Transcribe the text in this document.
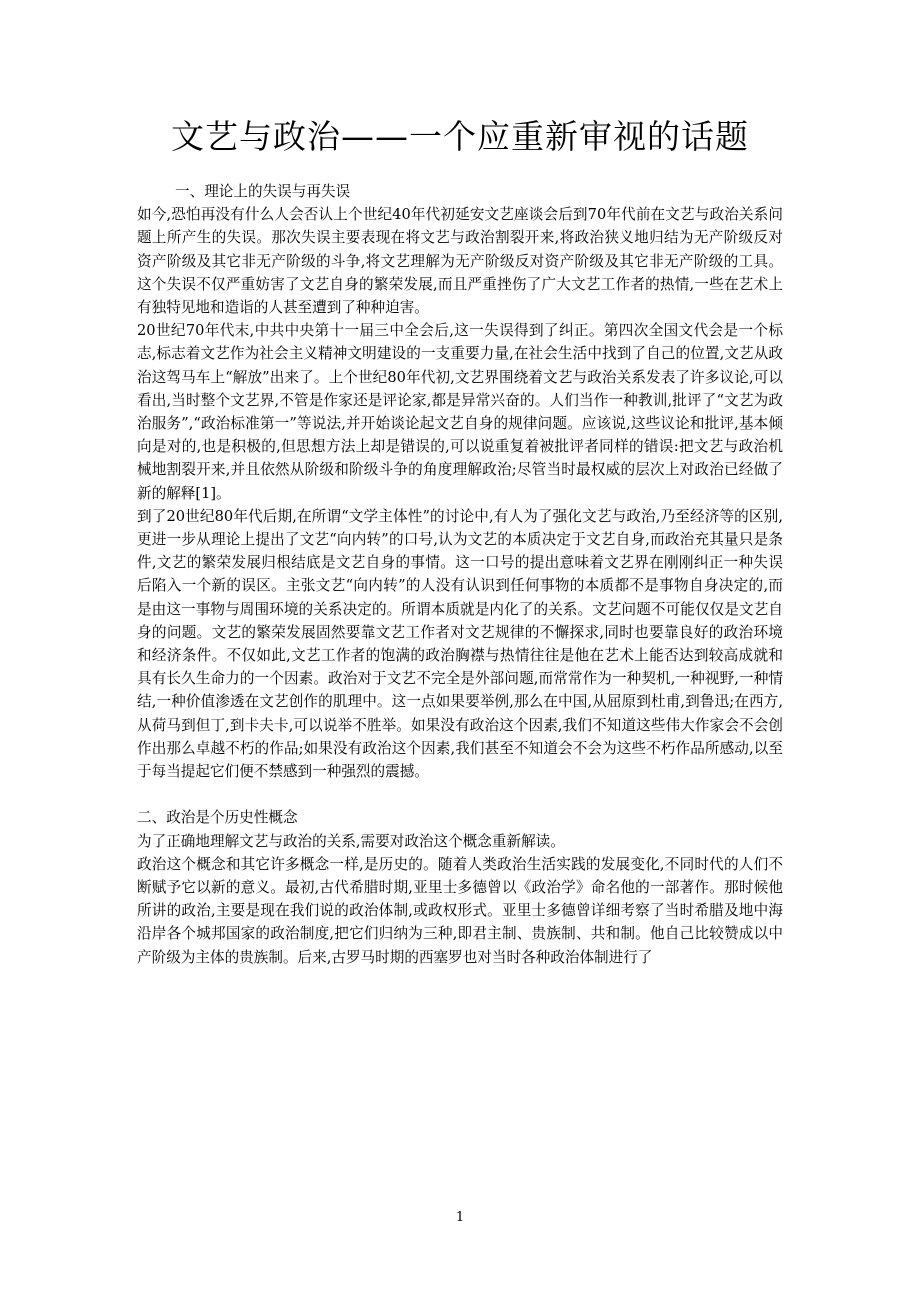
文艺与政治——一个应重新审视的话题

一、理论上的失误与再失误

如今,恐怕再没有什么人会否认上个世纪40年代初延安文艺座谈会后到70年代前在文艺与政治关系问题上所产生的失误。那次失误主要表现在将文艺与政治割裂开来,将政治狭义地归结为无产阶级反对资产阶级及其它非无产阶级的斗争,将文艺理解为无产阶级反对资产阶级及其它非无产阶级的工具。这个失误不仅严重妨害了文艺自身的繁荣发展,而且严重挫伤了广大文艺工作者的热情,一些在艺术上有独特见地和造诣的人甚至遭到了种种迫害。

20世纪70年代末,中共中央第十一届三中全会后,这一失误得到了纠正。第四次全国文代会是一个标志,标志着文艺作为社会主义精神文明建设的一支重要力量,在社会生活中找到了自己的位置,文艺从政治这驾马车上“解放”出来了。上个世纪80年代初,文艺界围绕着文艺与政治关系发表了许多议论,可以看出,当时整个文艺界,不管是作家还是评论家,都是异常兴奋的。人们当作一种教训,批评了“文艺为政治服务”,“政治标准第一”等说法,并开始谈论起文艺自身的规律问题。应该说,这些议论和批评,基本倾向是对的,也是积极的,但思想方法上却是错误的,可以说重复着被批评者同样的错误:把文艺与政治机械地割裂开来,并且依然从阶级和阶级斗争的角度理解政治;尽管当时最权威的层次上对政治已经做了新的解释[1]。

到了20世纪80年代后期,在所谓“文学主体性”的讨论中,有人为了强化文艺与政治,乃至经济等的区别,更进一步从理论上提出了文艺“向内转”的口号,认为文艺的本质决定于文艺自身,而政治充其量只是条件,文艺的繁荣发展归根结底是文艺自身的事情。这一口号的提出意味着文艺界在刚刚纠正一种失误后陷入一个新的误区。主张文艺“向内转”的人没有认识到任何事物的本质都不是事物自身决定的,而是由这一事物与周围环境的关系决定的。所谓本质就是内化了的关系。文艺问题不可能仅仅是文艺自身的问题。文艺的繁荣发展固然要靠文艺工作者对文艺规律的不懈探求,同时也要靠良好的政治环境和经济条件。不仅如此,文艺工作者的饱满的政治胸襟与热情往往是他在艺术上能否达到较高成就和具有长久生命力的一个因素。政治对于文艺不完全是外部问题,而常常作为一种契机,一种视野,一种情结,一种价值渗透在文艺创作的肌理中。这一点如果要举例,那么在中国,从屈原到杜甫,到鲁迅;在西方,从荷马到但丁,到卡夫卡,可以说举不胜举。如果没有政治这个因素,我们不知道这些伟大作家会不会创作出那么卓越不朽的作品;如果没有政治这个因素,我们甚至不知道会不会为这些不朽作品所感动,以至于每当提起它们便不禁感到一种强烈的震撼。

二、政治是个历史性概念

为了正确地理解文艺与政治的关系,需要对政治这个概念重新解读。

政治这个概念和其它许多概念一样,是历史的。随着人类政治生活实践的发展变化,不同时代的人们不断赋予它以新的意义。最初,古代希腊时期,亚里士多德曾以《政治学》命名他的一部著作。那时候他所讲的政治,主要是现在我们说的政治体制,或政权形式。亚里士多德曾详细考察了当时希腊及地中海沿岸各个城邦国家的政治制度,把它们归纳为三种,即君主制、贵族制、共和制。他自己比较赞成以中产阶级为主体的贵族制。后来,古罗马时期的西塞罗也对当时各种政治体制进行了

1
